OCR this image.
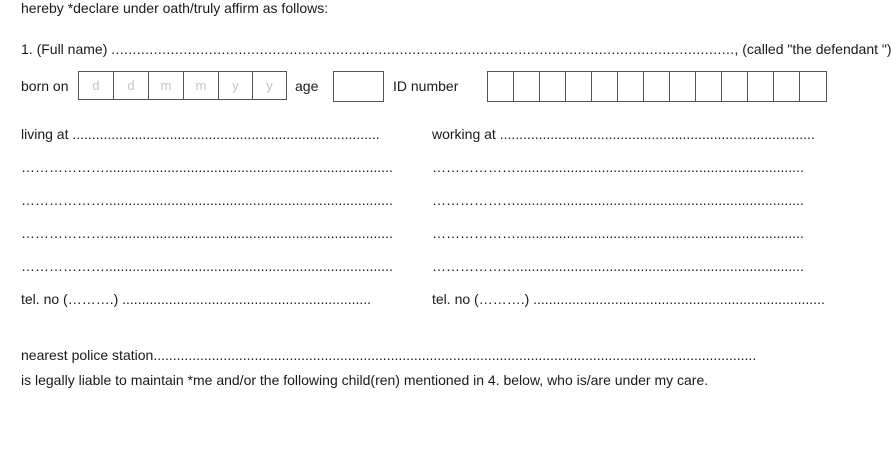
hereby *declare under oath/truly affirm as follows:
1. (Full name) ..................................................................................................................................................., (called "the defendant ")
born on	d	d	m	m	y	y	age	ID number
living at ...............................................................................
………………..........................................................................
………………..........................................................................
………………..........................................................................
………………..........................................................................
tel. no (……….) ................................................................
working at .................................................................................
………………..........................................................................
………………..........................................................................
………………..........................................................................
………………..........................................................................
tel. no (……….) ...........................................................................
nearest police station...........................................................................................................................................................
is legally liable to maintain *me and/or the following child(ren) mentioned in 4. below, who is/are under my care.
